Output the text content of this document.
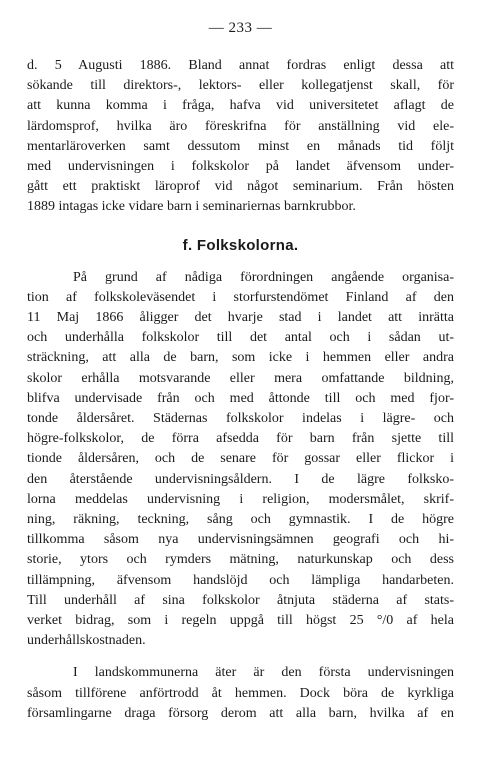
— 233 —
d. 5 Augusti 1886. Bland annat fordras enligt dessa att
sökande till direktors-, lektors- eller kollegatjenst skall, för
att kunna komma i fråga, hafva vid universitetet aflagt de
lärdomsprof, hvilka äro föreskrifna för anställning vid ele-
mentarläroverken samt dessutom minst en månads tid följt
med undervisningen i folkskolor på landet äfvensom under-
gått ett praktiskt läroprof vid något seminarium. Från hösten
1889 intagas icke vidare barn i seminariernas barnkrubbor.
f. Folkskolorna.
På grund af nådiga förordningen angående organisa-
tion af folkskoleväsendet i storfurstendömet Finland af den
11 Maj 1866 åligger det hvarje stad i landet att inrätta
och underhålla folkskolor till det antal och i sådan ut-
sträckning, att alla de barn, som icke i hemmen eller andra
skolor erhålla motsvarande eller mera omfattande bildning,
blifva undervisade från och med åttonde till och med fjor-
tonde åldersåret. Städernas folkskolor indelas i lägre- och
högre-folkskolor, de förra afsedda för barn från sjette till
tionde åldersåren, och de senare för gossar eller flickor i
den återstående undervisningsåldern. I de lägre folksko-
lorna meddelas undervisning i religion, modersmålet, skrif-
ning, räkning, teckning, sång och gymnastik. I de högre
tillkomma såsom nya undervisningsämnen geografi och hi-
storie, ytors och rymders mätning, naturkunskap och dess
tillämpning, äfvensom handslöjd och lämpliga handarbeten.
Till underhåll af sina folkskolor åtnjuta städerna af stats-
verket bidrag, som i regeln uppgå till högst 25 °/0 af hela
underhållskostnaden.
I landskommunerna äter är den första undervisningen
såsom tillförene anförtrodd åt hemmen. Dock böra de kyrkliga
församlingarne draga försorg derom att alla barn, hvilka af en
